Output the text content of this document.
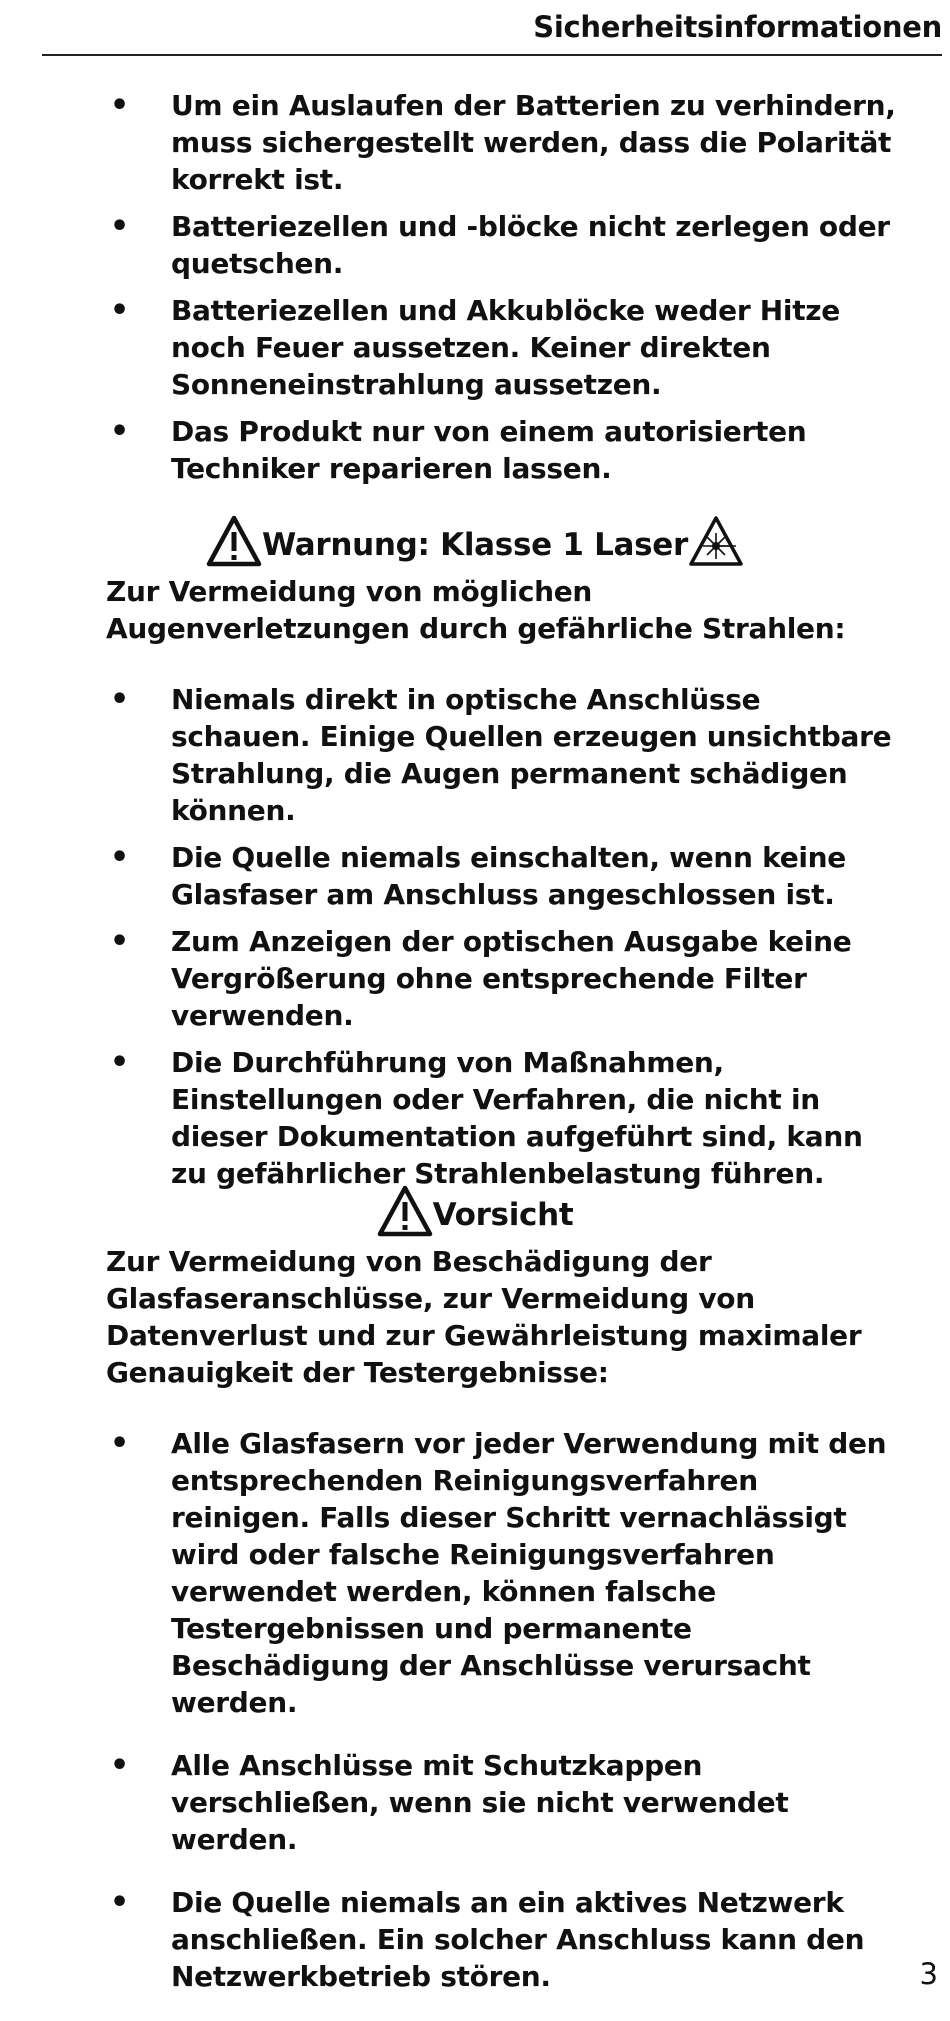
Sicherheitsinformationen
• Um ein Auslaufen der Batterien zu verhindern, muss sichergestellt werden, dass die Polarität korrekt ist.
• Batteriezellen und -blöcke nicht zerlegen oder quetschen.
• Batteriezellen und Akkublöcke weder Hitze noch Feuer aussetzen. Keiner direkten Sonneneinstrahlung aussetzen.
• Das Produkt nur von einem autorisierten Techniker reparieren lassen.
Warnung: Klasse 1 Laser
Zur Vermeidung von möglichen Augenverletzungen durch gefährliche Strahlen:
• Niemals direkt in optische Anschlüsse schauen. Einige Quellen erzeugen unsichtbare Strahlung, die Augen permanent schädigen können.
• Die Quelle niemals einschalten, wenn keine Glasfaser am Anschluss angeschlossen ist.
• Zum Anzeigen der optischen Ausgabe keine Vergrößerung ohne entsprechende Filter verwenden.
• Die Durchführung von Maßnahmen, Einstellungen oder Verfahren, die nicht in dieser Dokumentation aufgeführt sind, kann zu gefährlicher Strahlenbelastung führen.
Vorsicht
Zur Vermeidung von Beschädigung der Glasfaseranschlüsse, zur Vermeidung von Datenverlust und zur Gewährleistung maximaler Genauigkeit der Testergebnisse:
• Alle Glasfasern vor jeder Verwendung mit den entsprechenden Reinigungsverfahren reinigen. Falls dieser Schritt vernachlässigt wird oder falsche Reinigungsverfahren verwendet werden, können falsche Testergebnissen und permanente Beschädigung der Anschlüsse verursacht werden.
• Alle Anschlüsse mit Schutzkappen verschließen, wenn sie nicht verwendet werden.
• Die Quelle niemals an ein aktives Netzwerk anschließen. Ein solcher Anschluss kann den Netzwerkbetrieb stören.	3
